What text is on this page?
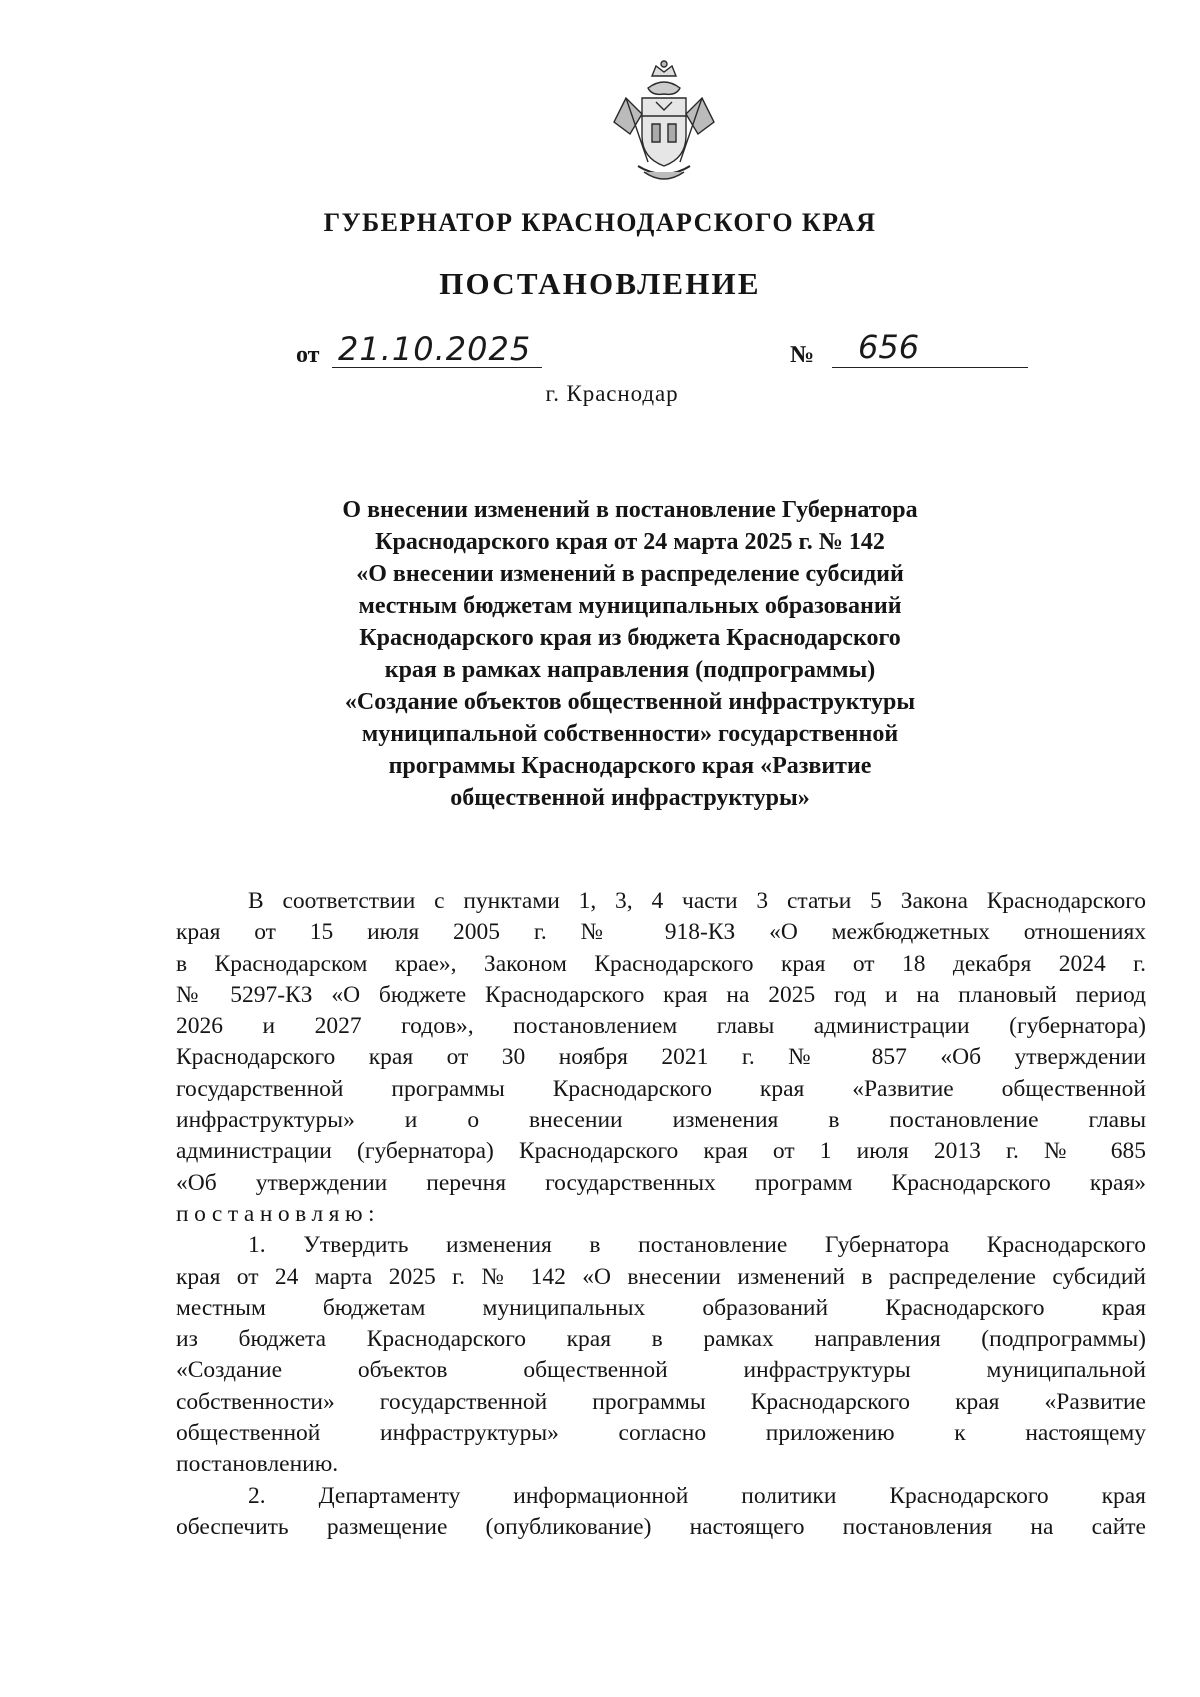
ГУБЕРНАТОР КРАСНОДАРСКОГО КРАЯ
ПОСТАНОВЛЕНИЕ
от 21.10.2025	№ 656
г. Краснодар
О внесении изменений в постановление Губернатора
Краснодарского края от 24 марта 2025 г. № 142
«О внесении изменений в распределение субсидий
местным бюджетам муниципальных образований
Краснодарского края из бюджета Краснодарского
края в рамках направления (подпрограммы)
«Создание объектов общественной инфраструктуры
муниципальной собственности» государственной
программы Краснодарского края «Развитие
общественной инфраструктуры»
В соответствии с пунктами 1, 3, 4 части 3 статьи 5 Закона Краснодарского
края от 15 июля 2005 г. № 918-КЗ «О межбюджетных отношениях
в Краснодарском крае», Законом Краснодарского края от 18 декабря 2024 г.
№ 5297-КЗ «О бюджете Краснодарского края на 2025 год и на плановый период
2026 и 2027 годов», постановлением главы администрации (губернатора)
Краснодарского края от 30 ноября 2021 г. № 857 «Об утверждении
государственной программы Краснодарского края «Развитие общественной
инфраструктуры» и о внесении изменения в постановление главы
администрации (губернатора) Краснодарского края от 1 июля 2013 г. № 685
«Об утверждении перечня государственных программ Краснодарского края»
постановляю:
1. Утвердить изменения в постановление Губернатора Краснодарского
края от 24 марта 2025 г. № 142 «О внесении изменений в распределение субсидий
местным бюджетам муниципальных образований Краснодарского края
из бюджета Краснодарского края в рамках направления (подпрограммы)
«Создание объектов общественной инфраструктуры муниципальной
собственности» государственной программы Краснодарского края «Развитие
общественной инфраструктуры» согласно приложению к настоящему
постановлению.
2. Департаменту информационной политики Краснодарского края
обеспечить размещение (опубликование) настоящего постановления на сайте
